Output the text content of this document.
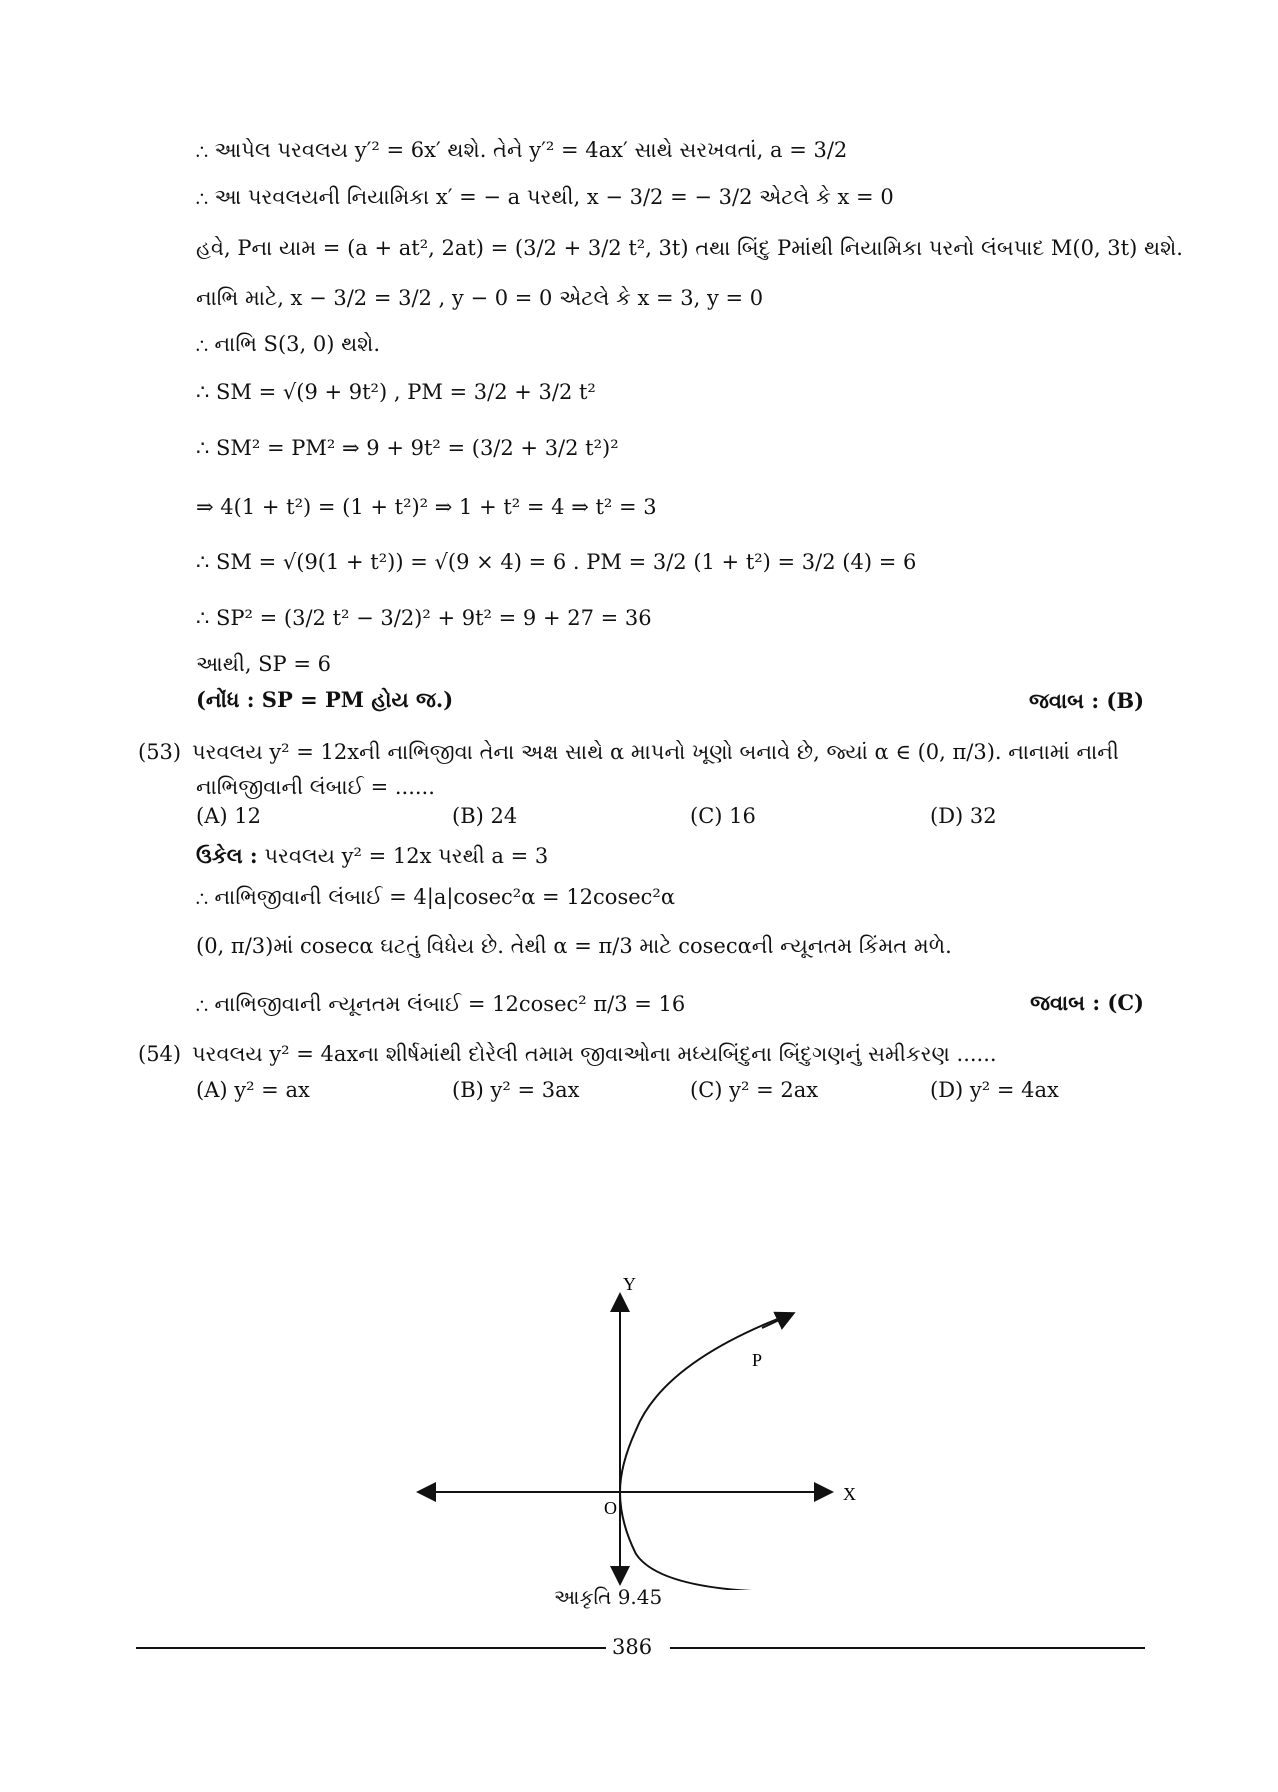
∴ આપેલ પરવલય y′² = 6x′ થશે. તેને y′² = 4ax′ સાથે સરખવતાં, a = 3/2
∴ આ પરવલયની નિયામિકા x′ = − a પરથી, x − 3/2 = − 3/2 એટલે કે x = 0
હવે, Pના યામ = (a + at², 2at) = (3/2 + 3/2 t², 3t) તથા બિંદુ Pમાંથી નિયામિકા પરનો લંબપાદ M(0, 3t) થશે.
નાભિ માટે, x − 3/2 = 3/2 , y − 0 = 0 એટલે કે x = 3, y = 0
∴ નાભિ S(3, 0) થશે.
∴ SM = √(9 + 9t²) , PM = 3/2 + 3/2 t²
∴ SM² = PM² ⇒ 9 + 9t² = (3/2 + 3/2 t²)²
⇒ 4(1 + t²) = (1 + t²)² ⇒ 1 + t² = 4 ⇒ t² = 3
∴ SM = √(9(1 + t²)) = √(9 × 4) = 6 . PM = 3/2 (1 + t²) = 3/2 (4) = 6
∴ SP² = (3/2 t² − 3/2)² + 9t² = 9 + 27 = 36
આથી, SP = 6
(નોંધ : SP = PM હોય જ.)	જવાબ : (B)
(53) પરવલય y² = 12xની નાભિજીવા તેના અક્ષ સાથે α માપનો ખૂણો બનાવે છે, જ્યાં α ∈ (0, π/3). નાનામાં નાની
નાભિજીવાની લંબાઈ = ......
(A) 12	(B) 24	(C) 16	(D) 32
ઉકેલ : પરવલય y² = 12x પરથી a = 3
∴ નાભિજીવાની લંબાઈ = 4|a|cosec²α = 12cosec²α
(0, π/3)માં cosecα ઘટતું વિધેય છે. તેથી α = π/3 માટે cosecαની ન્યૂનતમ કિંમત મળે.
∴ નાભિજીવાની ન્યૂનતમ લંબાઈ = 12cosec² π/3 = 16	જવાબ : (C)
(54) પરવલય y² = 4axના શીર્ષમાંથી દોરેલી તમામ જીવાઓના મધ્યબિંદુના બિંદુગણનું સમીકરણ ......
(A) y² = ax	(B) y² = 3ax	(C) y² = 2ax	(D) y² = 4ax
Y
X
O
P
આકૃતિ 9.45
386
